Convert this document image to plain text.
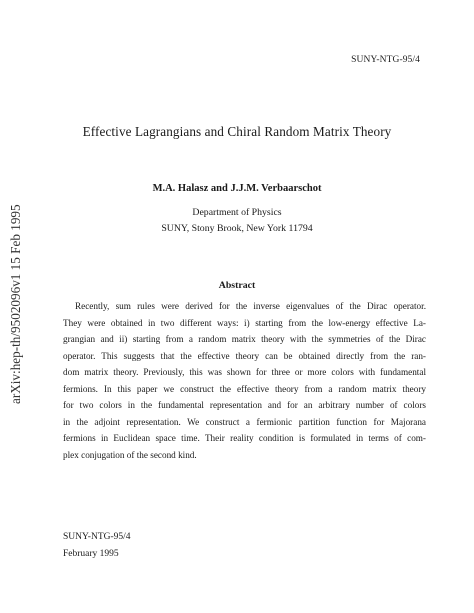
SUNY-NTG-95/4
arXiv:hep-th/9502096v1 15 Feb 1995
Effective Lagrangians and Chiral Random Matrix Theory
M.A. Halasz and J.J.M. Verbaarschot
Department of Physics
SUNY, Stony Brook, New York 11794
Abstract
Recently, sum rules were derived for the inverse eigenvalues of the Dirac operator.
They were obtained in two different ways: i) starting from the low-energy effective La-
grangian and ii) starting from a random matrix theory with the symmetries of the Dirac
operator. This suggests that the effective theory can be obtained directly from the ran-
dom matrix theory. Previously, this was shown for three or more colors with fundamental
fermions. In this paper we construct the effective theory from a random matrix theory
for two colors in the fundamental representation and for an arbitrary number of colors
in the adjoint representation. We construct a fermionic partition function for Majorana
fermions in Euclidean space time. Their reality condition is formulated in terms of com-
plex conjugation of the second kind.
SUNY-NTG-95/4
February 1995
